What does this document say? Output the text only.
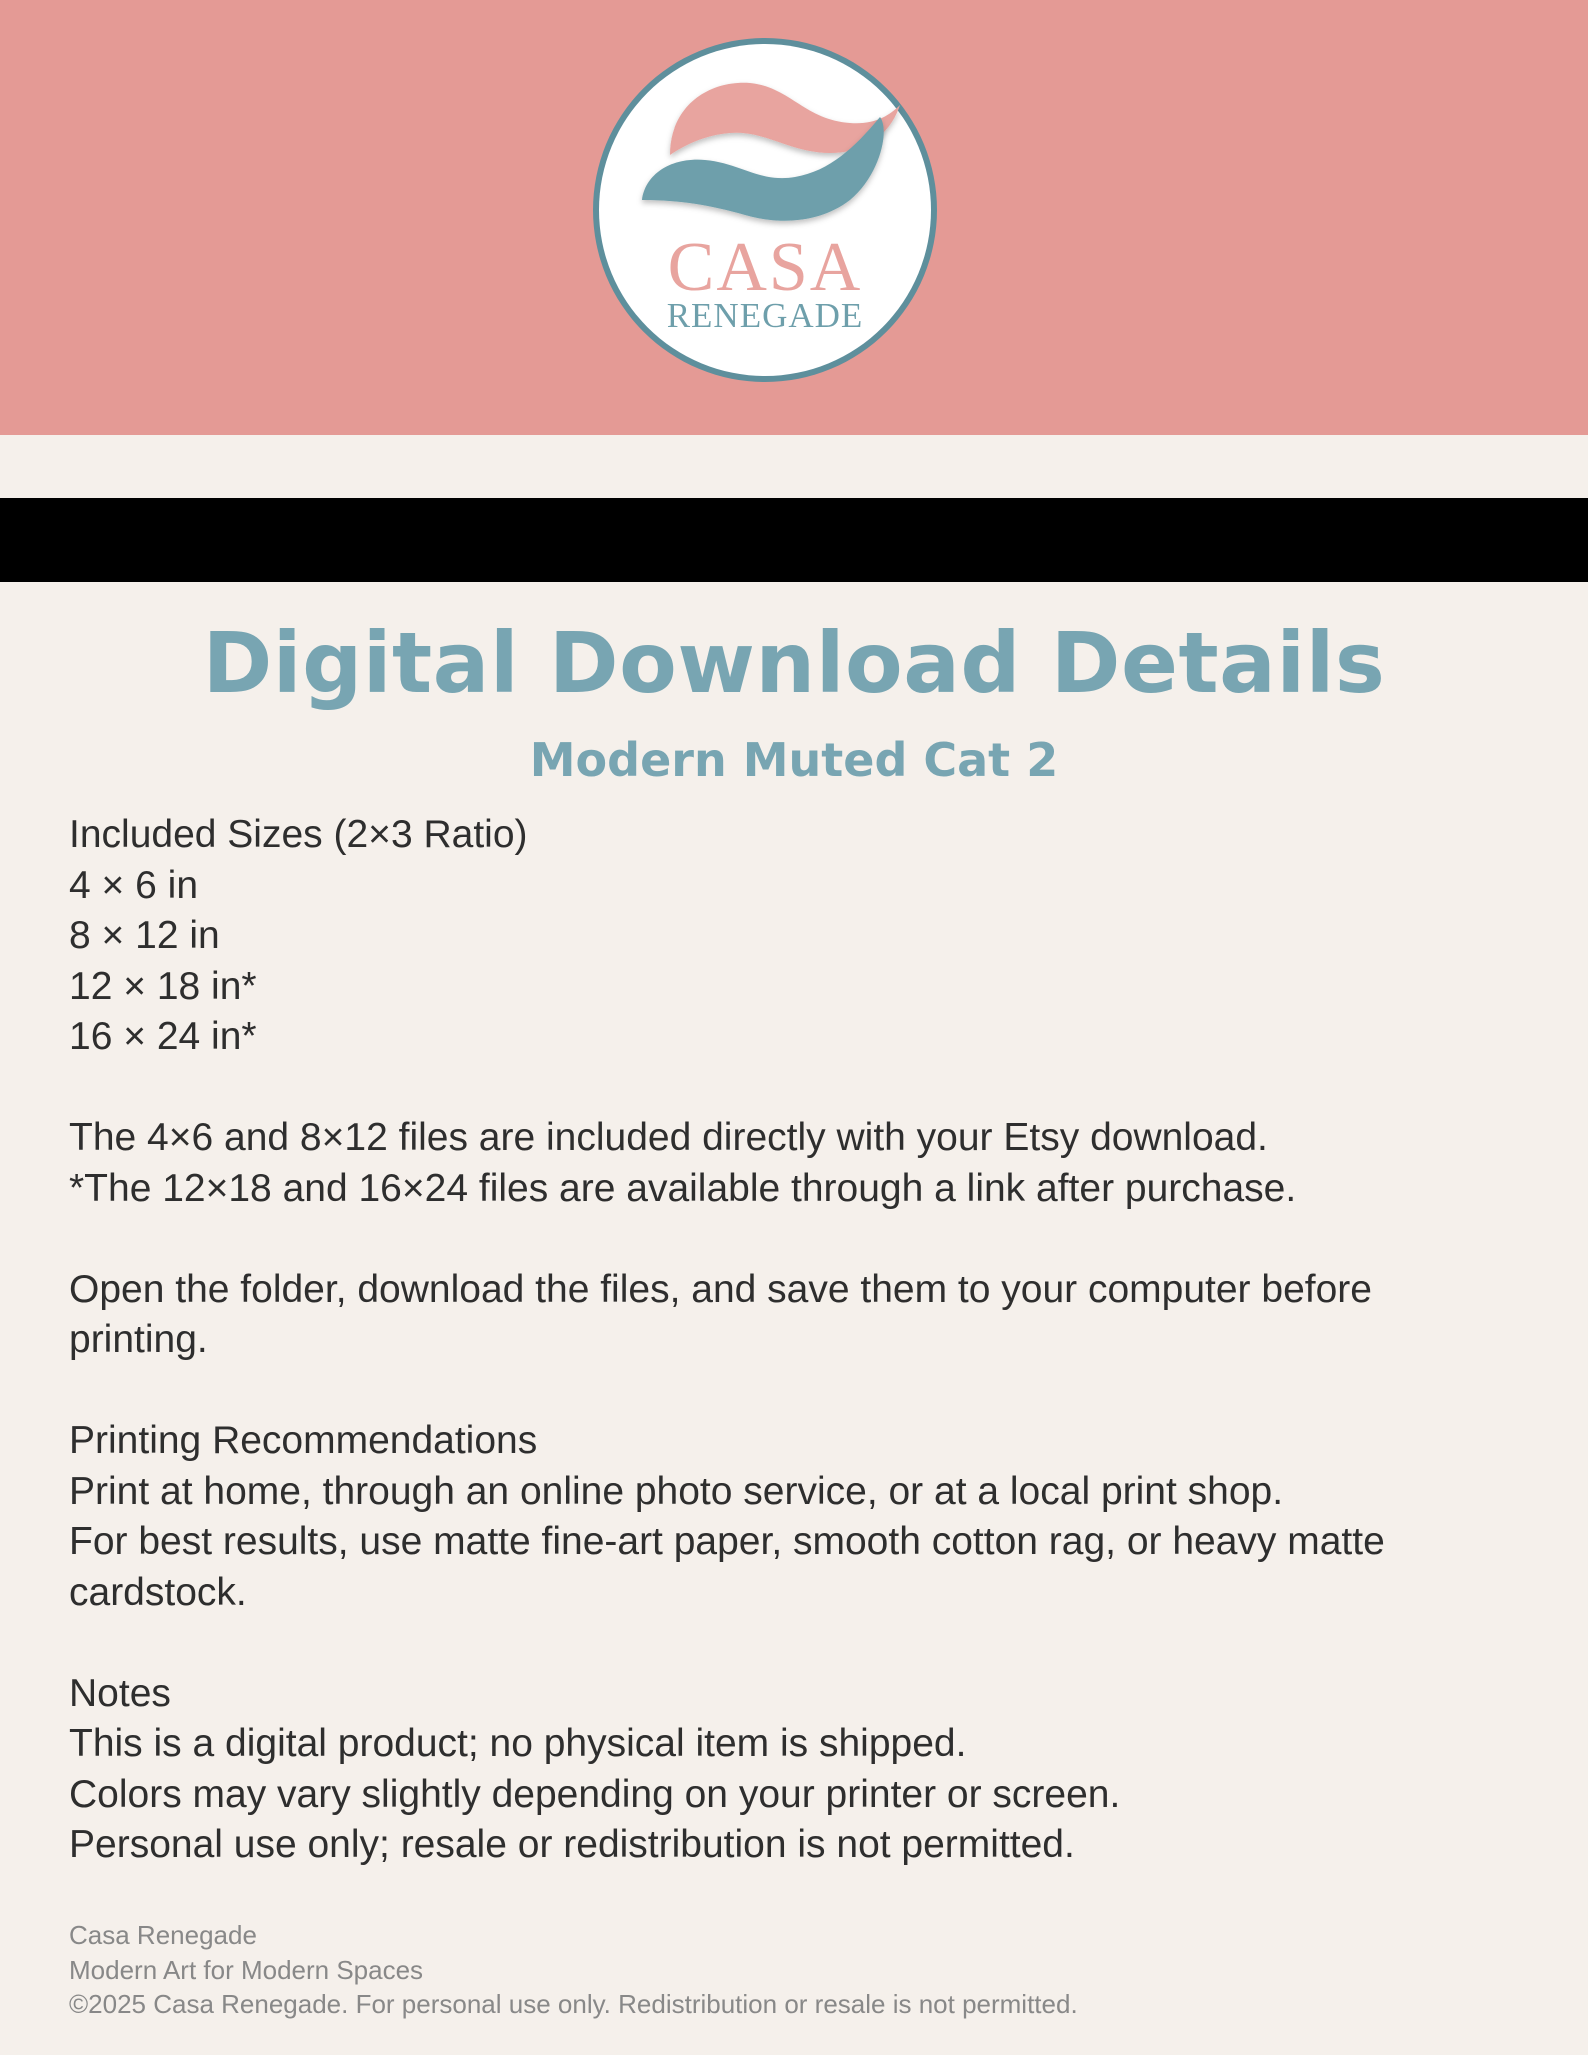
CASA
RENEGADE
Digital Download Details
Modern Muted Cat 2
Included Sizes (2×3 Ratio)
4 × 6 in
8 × 12 in
12 × 18 in*
16 × 24 in*
The 4×6 and 8×12 files are included directly with your Etsy download.
*The 12×18 and 16×24 files are available through a link after purchase.
Open the folder, download the files, and save them to your computer before
printing.
Printing Recommendations
Print at home, through an online photo service, or at a local print shop.
For best results, use matte fine-art paper, smooth cotton rag, or heavy matte
cardstock.
Notes
This is a digital product; no physical item is shipped.
Colors may vary slightly depending on your printer or screen.
Personal use only; resale or redistribution is not permitted.
Casa Renegade
Modern Art for Modern Spaces
©2025 Casa Renegade. For personal use only. Redistribution or resale is not permitted.
